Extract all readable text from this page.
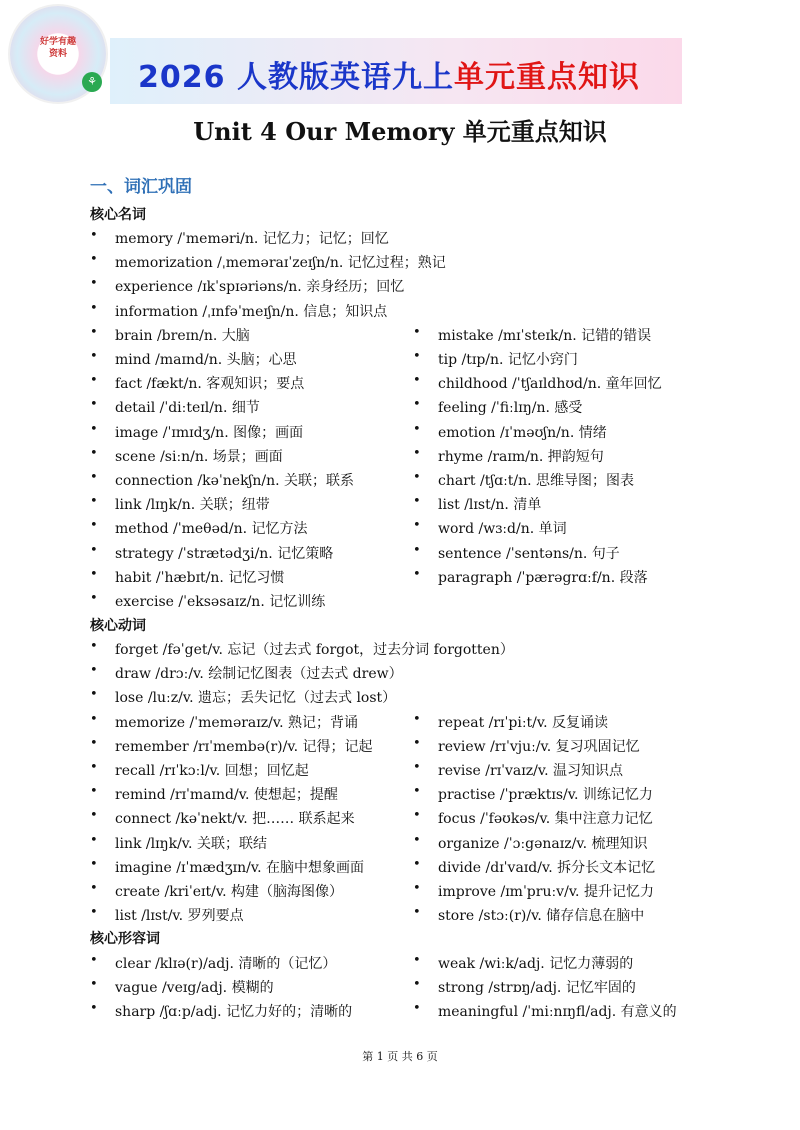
好学有趣
资料
⚘ 2026 人教版英语九上单元重点知识
Unit 4 Our Memory 单元重点知识
一、词汇巩固
核心名词
核心动词
核心形容词
• memory /ˈmeməri/n. 记忆力；记忆；回忆
• memorization /ˌmeməraɪˈzeɪʃn/n. 记忆过程；熟记
• experience /ɪkˈspɪəriəns/n. 亲身经历；回忆
• information /ˌɪnfəˈmeɪʃn/n. 信息；知识点
• brain /breɪn/n. 大脑
• mind /maɪnd/n. 头脑；心思
• fact /fækt/n. 客观知识；要点
• detail /ˈdiːteɪl/n. 细节
• image /ˈɪmɪdʒ/n. 图像；画面
• scene /siːn/n. 场景；画面
• connection /kəˈnekʃn/n. 关联；联系
• link /lɪŋk/n. 关联；纽带
• method /ˈmeθəd/n. 记忆方法
• strategy /ˈstrætədʒi/n. 记忆策略
• habit /ˈhæbɪt/n. 记忆习惯
• exercise /ˈeksəsaɪz/n. 记忆训练
• mistake /mɪˈsteɪk/n. 记错的错误
• tip /tɪp/n. 记忆小窍门
• childhood /ˈtʃaɪldhʊd/n. 童年回忆
• feeling /ˈfiːlɪŋ/n. 感受
• emotion /ɪˈməʊʃn/n. 情绪
• rhyme /raɪm/n. 押韵短句
• chart /tʃɑːt/n. 思维导图；图表
• list /lɪst/n. 清单
• word /wɜːd/n. 单词
• sentence /ˈsentəns/n. 句子
• paragraph /ˈpærəgrɑːf/n. 段落
• forget /fəˈget/v. 忘记（过去式 forgot，过去分词 forgotten）
• draw /drɔː/v. 绘制记忆图表（过去式 drew）
• lose /luːz/v. 遗忘；丢失记忆（过去式 lost）
• memorize /ˈmeməraɪz/v. 熟记；背诵
• remember /rɪˈmembə(r)/v. 记得；记起
• recall /rɪˈkɔːl/v. 回想；回忆起
• remind /rɪˈmaɪnd/v. 使想起；提醒
• connect /kəˈnekt/v. 把…… 联系起来
• link /lɪŋk/v. 关联；联结
• imagine /ɪˈmædʒɪn/v. 在脑中想象画面
• create /kriˈeɪt/v. 构建（脑海图像）
• list /lɪst/v. 罗列要点
• repeat /rɪˈpiːt/v. 反复诵读
• review /rɪˈvjuː/v. 复习巩固记忆
• revise /rɪˈvaɪz/v. 温习知识点
• practise /ˈpræktɪs/v. 训练记忆力
• focus /ˈfəʊkəs/v. 集中注意力记忆
• organize /ˈɔːgənaɪz/v. 梳理知识
• divide /dɪˈvaɪd/v. 拆分长文本记忆
• improve /ɪmˈpruːv/v. 提升记忆力
• store /stɔː(r)/v. 储存信息在脑中
• clear /klɪə(r)/adj. 清晰的（记忆）
• vague /veɪg/adj. 模糊的
• sharp /ʃɑːp/adj. 记忆力好的；清晰的
• weak /wiːk/adj. 记忆力薄弱的
• strong /strɒŋ/adj. 记忆牢固的
• meaningful /ˈmiːnɪŋfl/adj. 有意义的
第 1 页 共 6 页
